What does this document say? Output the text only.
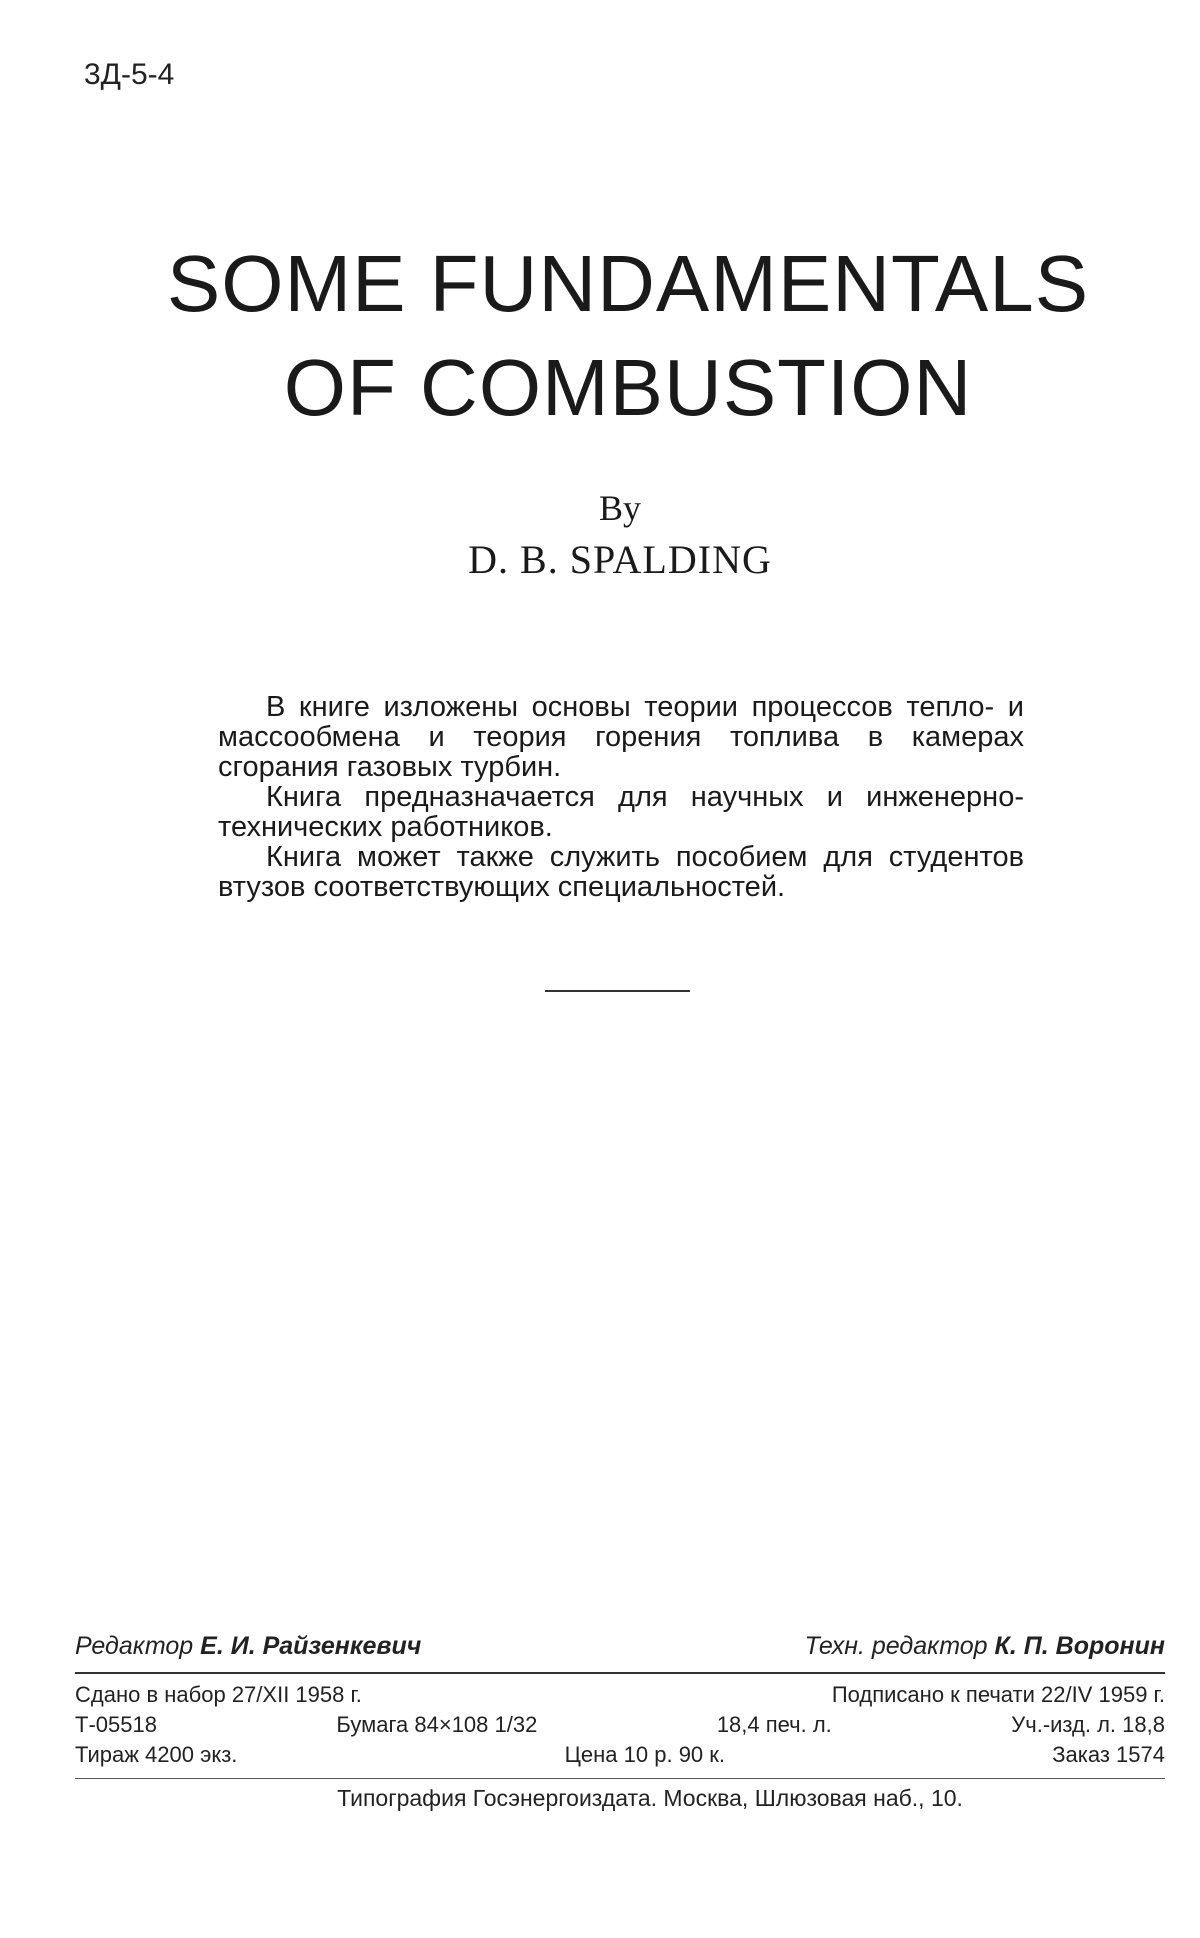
3Д-5-4
SOME FUNDAMENTALS
OF COMBUSTION
By
D. B. SPALDING

В книге изложены основы теории процессов тепло- и массообмена и теория горения топлива в камерах сгорания газовых турбин.

Книга предназначается для научных и инженерно-технических работников.

Книга может также служить пособием для студентов втузов соответствующих специальностей.

Редактор Е. И. Райзенкевич	Техн. редактор К. П. Воронин
Сдано в набор 27/XII 1958 г.	Подписано к печати 22/IV 1959 г.
Т-05518	Бумага 84×108 1/32	18,4 печ. л.	Уч.-изд. л. 18,8
Тираж 4200 экз.	Цена 10 р. 90 к.	Заказ 1574
Типография Госэнергоиздата. Москва, Шлюзовая наб., 10.
